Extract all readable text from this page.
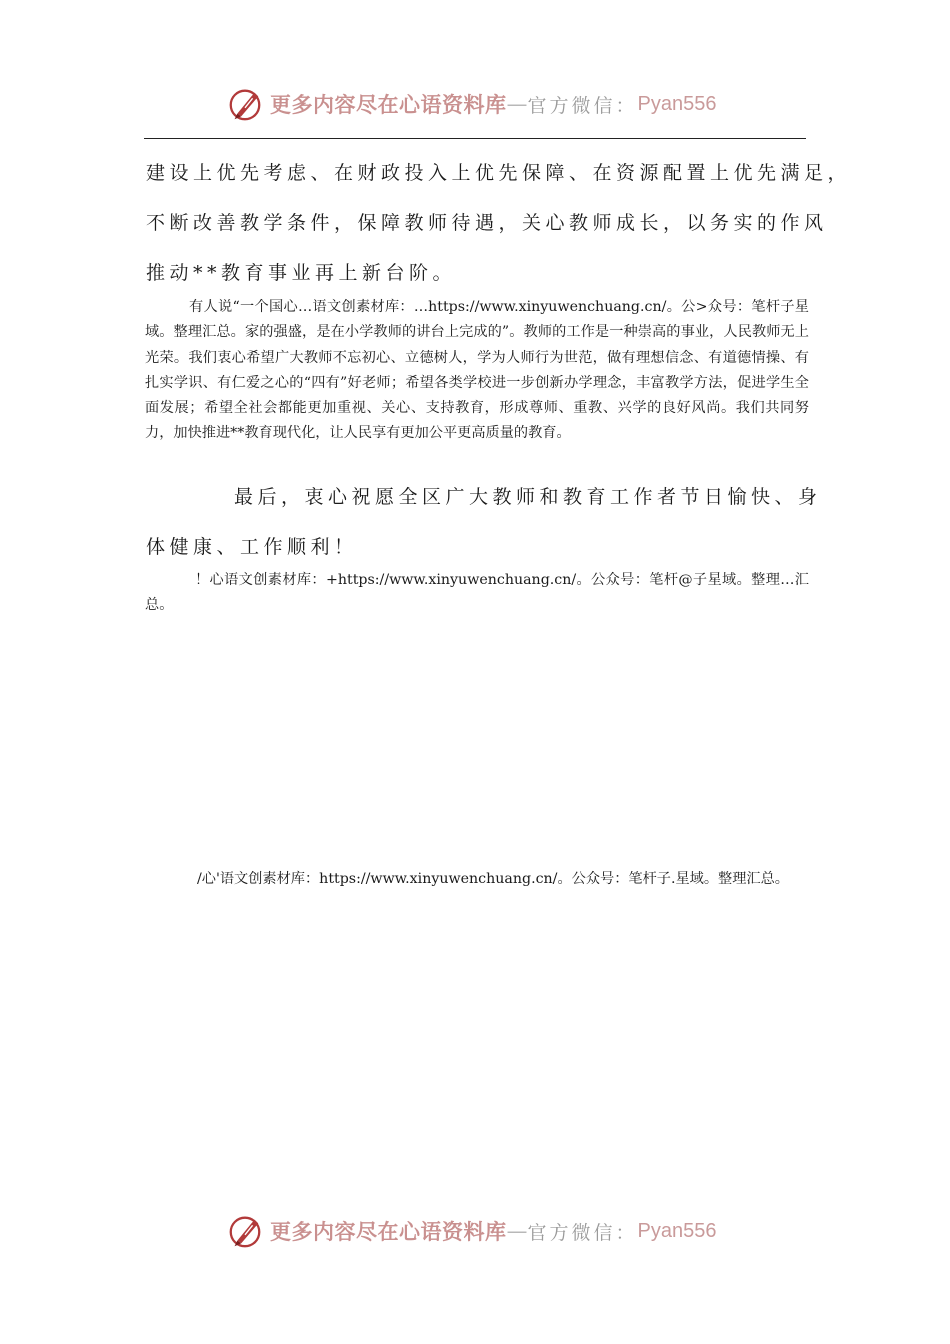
更多内容尽在心语资料库 — 官方微信： Pyan556
建设上优先考虑、在财政投入上优先保障、在资源配置上优先满足，
不断改善教学条件，保障教师待遇，关心教师成长，以务实的作风
推动**教育事业再上新台阶。
有人说“一个国心…语文创素材库：…https://www.xinyuwenchuang.cn/。公>众号：笔杆子星域。整理汇总。家的强盛，是在小学教师的讲台上完成的”。教师的工作是一种崇高的事业，人民教师无上光荣。我们衷心希望广大教师不忘初心、立德树人，学为人师行为世范，做有理想信念、有道德情操、有扎实学识、有仁爱之心的“四有”好老师；希望各类学校进一步创新办学理念，丰富教学方法，促进学生全面发展；希望全社会都能更加重视、关心、支持教育，形成尊师、重教、兴学的良好风尚。我们共同努力，加快推进**教育现代化，让人民享有更加公平更高质量的教育。
最后，衷心祝愿全区广大教师和教育工作者节日愉快、身
体健康、工作顺利！
！心语文创素材库：+https://www.xinyuwenchuang.cn/。公众号：笔杆@子星域。整理…汇总。
/心'语文创素材库：https://www.xinyuwenchuang.cn/。公众号：笔杆子.星域。整理汇总。
更多内容尽在心语资料库 — 官方微信： Pyan556
